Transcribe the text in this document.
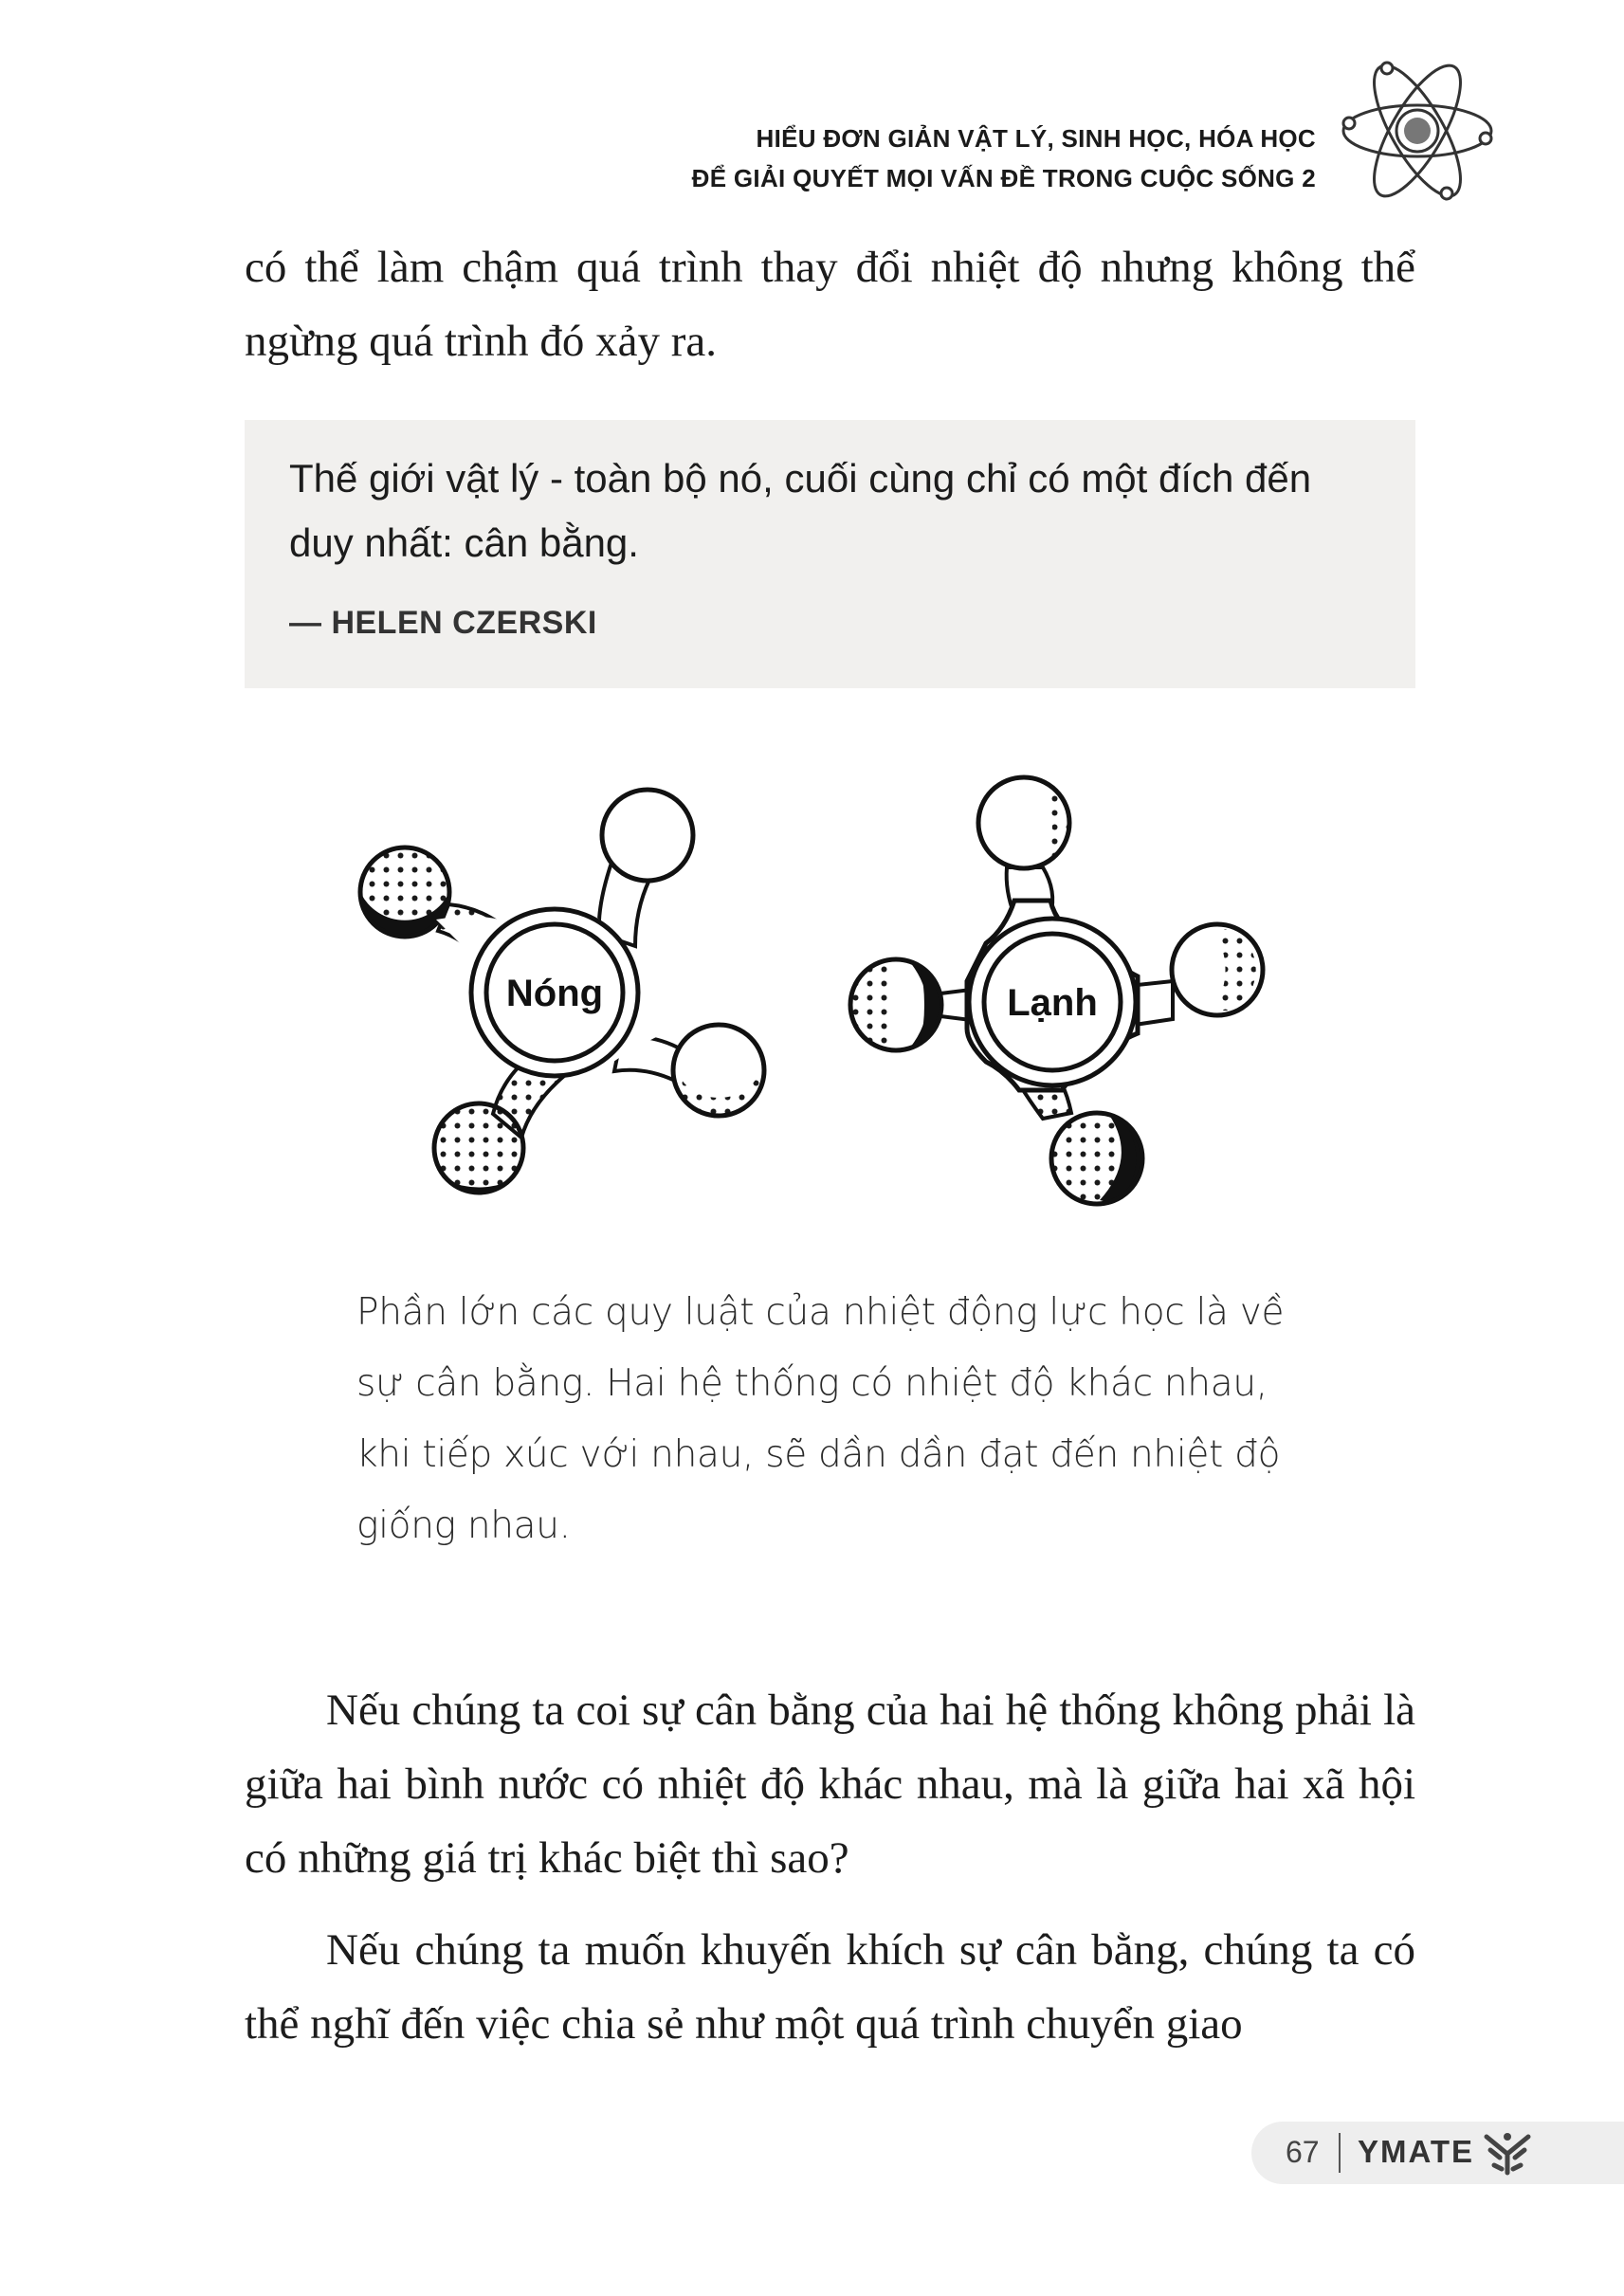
HIỂU ĐƠN GIẢN VẬT LÝ, SINH HỌC, HÓA HỌC
ĐỂ GIẢI QUYẾT MỌI VẤN ĐỀ TRONG CUỘC SỐNG 2

có thể làm chậm quá trình thay đổi nhiệt độ nhưng không thể ngừng quá trình đó xảy ra.

Thế giới vật lý - toàn bộ nó, cuối cùng chỉ có một đích đến duy nhất: cân bằng.
— HELEN CZERSKI
Nóng	Lạnh
Phần lớn các quy luật của nhiệt động lực học là về sự cân bằng. Hai hệ thống có nhiệt độ khác nhau, khi tiếp xúc với nhau, sẽ dần dần đạt đến nhiệt độ giống nhau.

Nếu chúng ta coi sự cân bằng của hai hệ thống không phải là giữa hai bình nước có nhiệt độ khác nhau, mà là giữa hai xã hội có những giá trị khác biệt thì sao?

Nếu chúng ta muốn khuyến khích sự cân bằng, chúng ta có thể nghĩ đến việc chia sẻ như một quá trình chuyển giao

67 YMATE
